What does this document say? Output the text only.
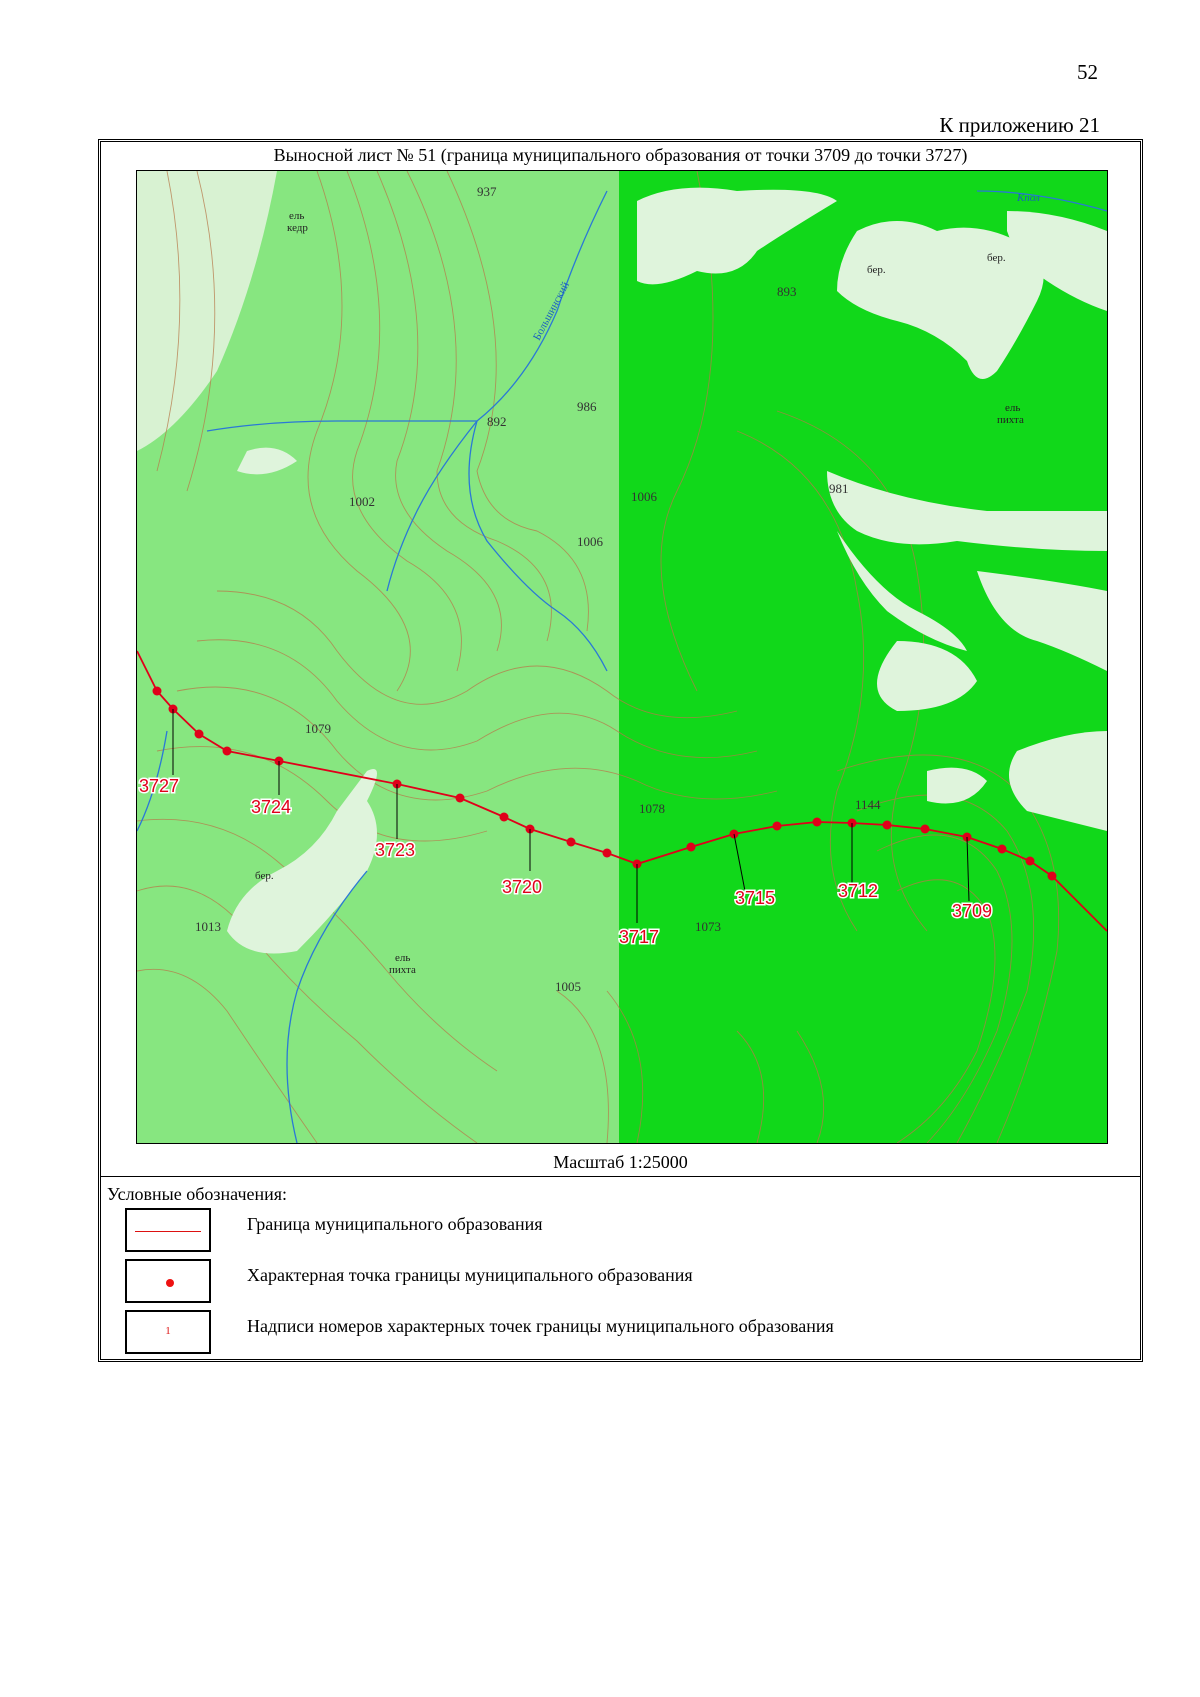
52
К приложению 21
Выносной лист № 51 (граница муниципального образования от точки 3709 до точки 3727)
3727
3724
3723
3720
3717
3715	3712
3709
937
893
892
986
1002	1006
1006
981
1079
1078	1144
1013	1073
1005
ель
кедр
бер.
бер.
бер.
ель
пихта
ель
пихта
Большинский
Кпол
Масштаб 1:25000
Условные обозначения:
Граница муниципального образования
Характерная точка границы муниципального образования
1	Надписи номеров характерных точек границы муниципального образования
